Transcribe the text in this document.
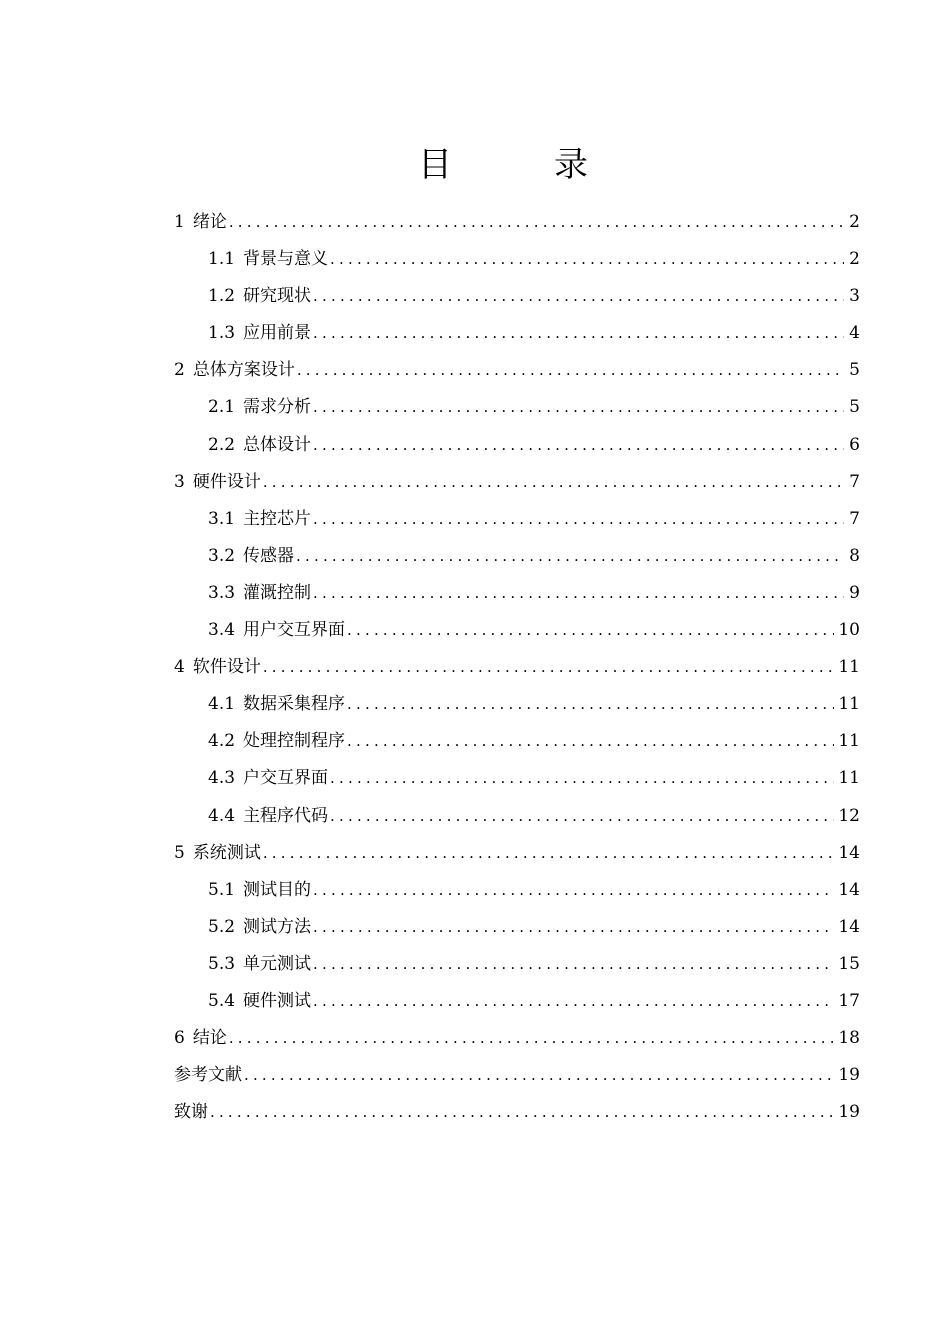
目　录
1 绪论 .....	2
1.1 背景与意义 .....	2
1.2 研究现状 .....	3
1.3 应用前景 .....	4
2 总体方案设计 .....	5
2.1 需求分析 .....	5
2.2 总体设计 .....	6
3 硬件设计 .....	7
3.1 主控芯片 .....	7
3.2 传感器 .....	8
3.3 灌溉控制 .....	9
3.4 用户交互界面 .....	10
4 软件设计 .....	11
4.1 数据采集程序 .....	11
4.2 处理控制程序 .....	11
4.3 户交互界面 .....	11
4.4 主程序代码 .....	12
5 系统测试 .....	14
5.1 测试目的 .....	14
5.2 测试方法 .....	14
5.3 单元测试 .....	15
5.4 硬件测试 .....	17
6 结论 .....	18
参考文献 .....	19
致谢 .....	19
